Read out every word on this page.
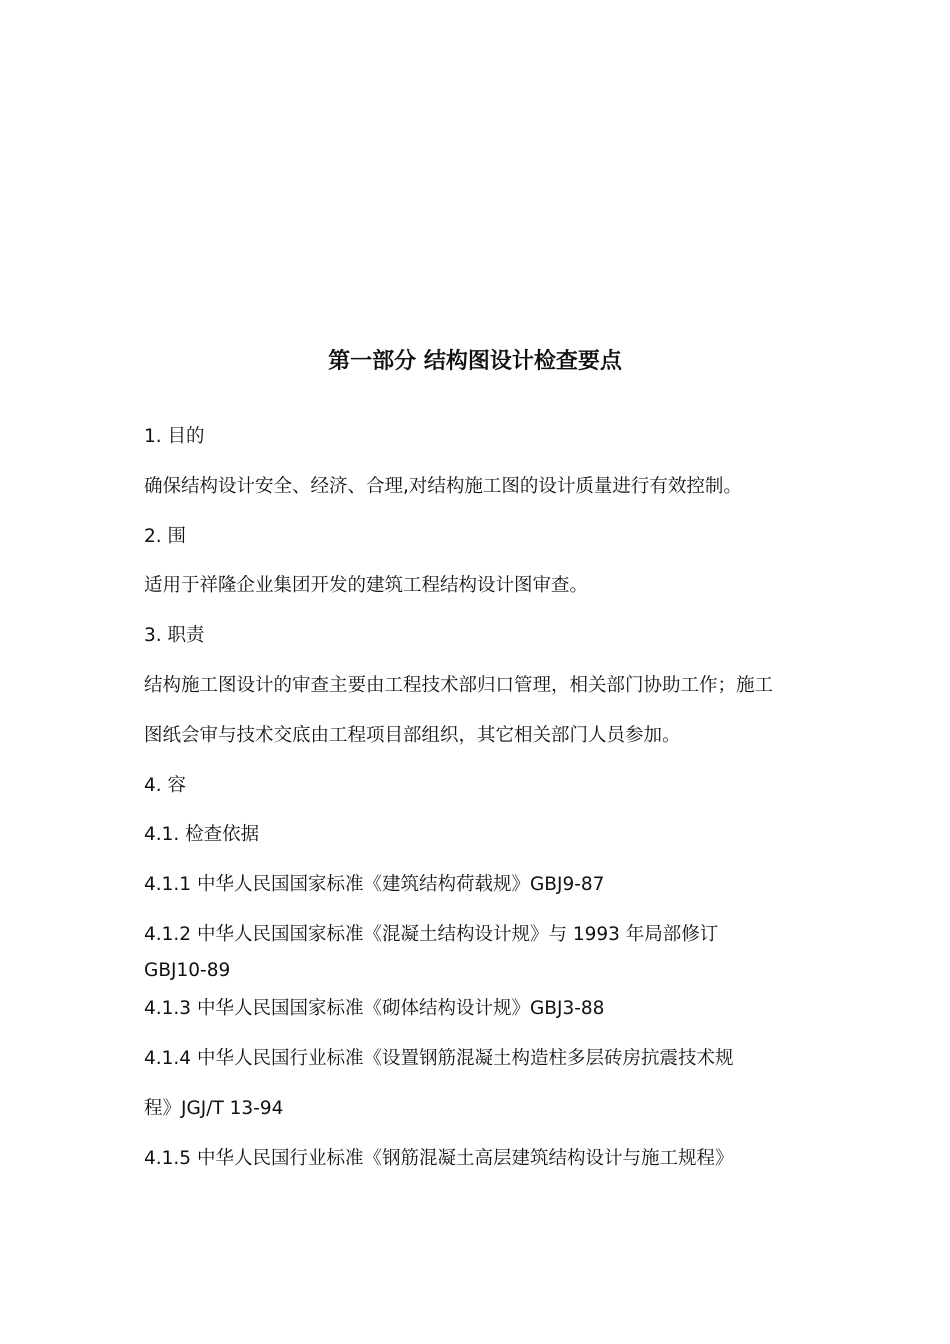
第一部分 结构图设计检查要点
1. 目的
确保结构设计安全、经济、合理,对结构施工图的设计质量进行有效控制。
2. 围
适用于祥隆企业集团开发的建筑工程结构设计图审查。
3. 职责
结构施工图设计的审查主要由工程技术部归口管理，相关部门协助工作；施工
图纸会审与技术交底由工程项目部组织，其它相关部门人员参加。
4. 容
4.1. 检查依据
4.1.1 中华人民国国家标准《建筑结构荷载规》GBJ9-87
4.1.2 中华人民国国家标准《混凝土结构设计规》与 1993 年局部修订
GBJ10-89
4.1.3 中华人民国国家标准《砌体结构设计规》GBJ3-88
4.1.4 中华人民国行业标准《设置钢筋混凝土构造柱多层砖房抗震技术规
程》JGJ/T 13-94
4.1.5 中华人民国行业标准《钢筋混凝土高层建筑结构设计与施工规程》
